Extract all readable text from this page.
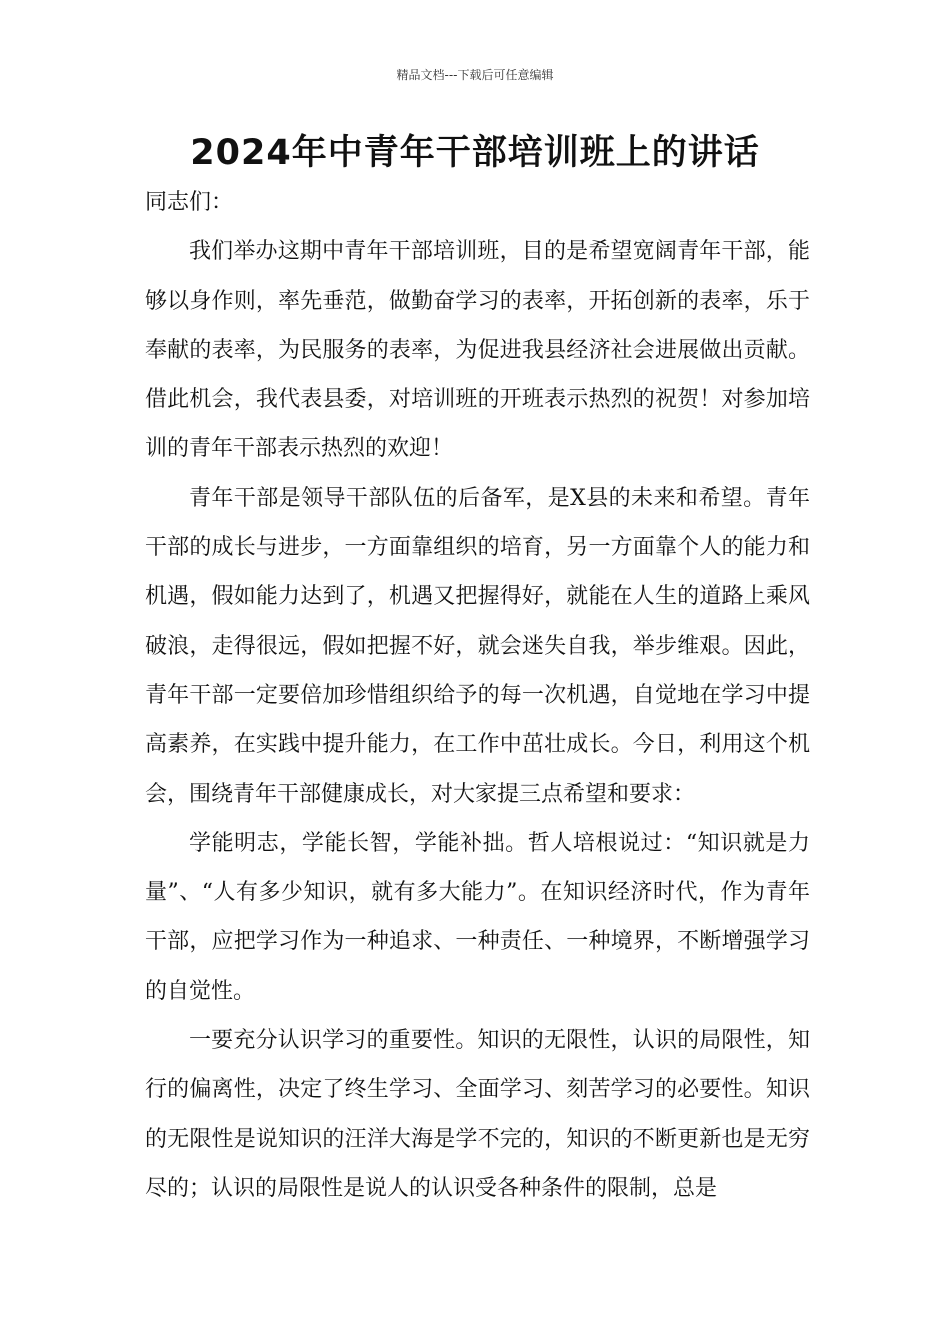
精品文档---下载后可任意编辑
2024年中青年干部培训班上的讲话

同志们：

我们举办这期中青年干部培训班，目的是希望宽阔青年干部，能够以身作则，率先垂范，做勤奋学习的表率，开拓创新的表率，乐于奉献的表率，为民服务的表率，为促进我县经济社会进展做出贡献。借此机会，我代表县委，对培训班的开班表示热烈的祝贺！对参加培训的青年干部表示热烈的欢迎！

青年干部是领导干部队伍的后备军，是X县的未来和希望。青年干部的成长与进步，一方面靠组织的培育，另一方面靠个人的能力和机遇，假如能力达到了，机遇又把握得好，就能在人生的道路上乘风破浪，走得很远，假如把握不好，就会迷失自我，举步维艰。因此，青年干部一定要倍加珍惜组织给予的每一次机遇，自觉地在学习中提高素养，在实践中提升能力，在工作中茁壮成长。今日，利用这个机会，围绕青年干部健康成长，对大家提三点希望和要求：

学能明志，学能长智，学能补拙。哲人培根说过：“知识就是力量”、“人有多少知识，就有多大能力”。在知识经济时代，作为青年干部，应把学习作为一种追求、一种责任、一种境界，不断增强学习的自觉性。

一要充分认识学习的重要性。知识的无限性，认识的局限性，知行的偏离性，决定了终生学习、全面学习、刻苦学习的必要性。知识的无限性是说知识的汪洋大海是学不完的，知识的不断更新也是无穷尽的；认识的局限性是说人的认识受各种条件的限制，总是
